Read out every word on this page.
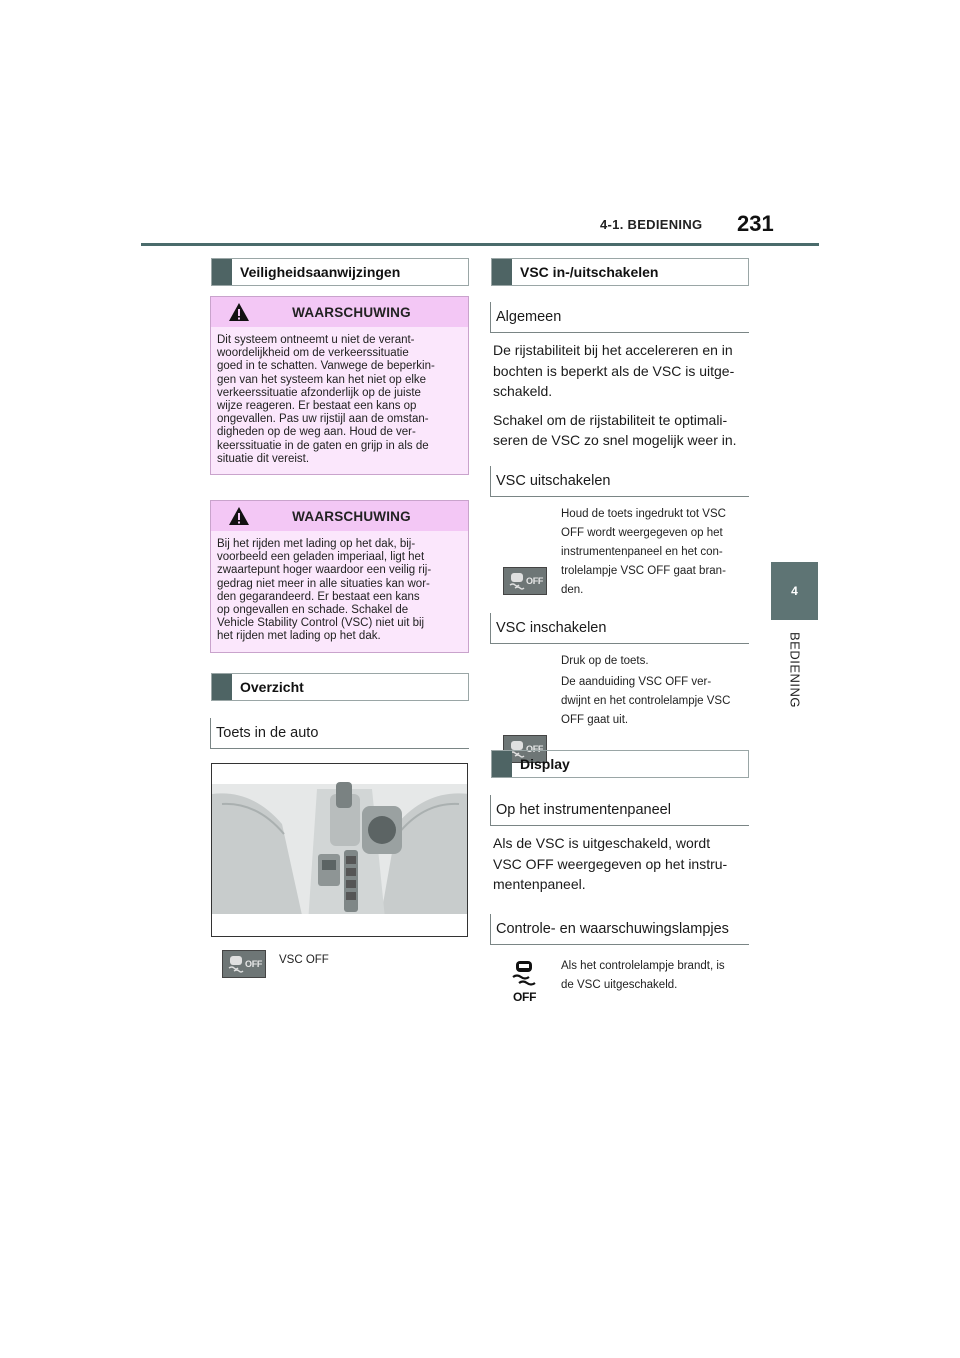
4-1. BEDIENING 231
4
BEDIENING
Veiligheidsaanwijzingen
WAARSCHUWING
Dit systeem ontneemt u niet de verant-
woordelijkheid om de verkeerssituatie
goed in te schatten. Vanwege de beperkin-
gen van het systeem kan het niet op elke
verkeerssituatie afzonderlijk op de juiste
wijze reageren. Er bestaat een kans op
ongevallen. Pas uw rijstijl aan de omstan-
digheden op de weg aan. Houd de ver-
keerssituatie in de gaten en grijp in als de
situatie dit vereist.
WAARSCHUWING
Bij het rijden met lading op het dak, bij-
voorbeeld een geladen imperiaal, ligt het
zwaartepunt hoger waardoor een veilig rij-
gedrag niet meer in alle situaties kan wor-
den gegarandeerd. Er bestaat een kans
op ongevallen en schade. Schakel de
Vehicle Stability Control (VSC) niet uit bij
het rijden met lading op het dak.
Overzicht
Toets in de auto
OFF VSC OFF
VSC in-/uitschakelen
Algemeen

De rijstabiliteit bij het accelereren en in bochten is beperkt als de VSC is uitge-schakeld.

Schakel om de rijstabiliteit te optimali-seren de VSC zo snel mogelijk weer in.

VSC uitschakelen
OFF

Houd de toets ingedrukt tot VSC

OFF wordt weergegeven op het

instrumentenpaneel en het con-

trolelampje VSC OFF gaat bran-

den.

VSC inschakelen
Druk op de toets.
OFF

De aanduiding VSC OFF ver-

dwijnt en het controlelampje VSC

OFF gaat uit.

Display
Op het instrumentenpaneel
Als de VSC is uitgeschakeld, wordt
VSC OFF weergegeven op het instru-
mentenpaneel.
Controle- en waarschuwingslampjes
OFF

Als het controlelampje brandt, is

de VSC uitgeschakeld.
